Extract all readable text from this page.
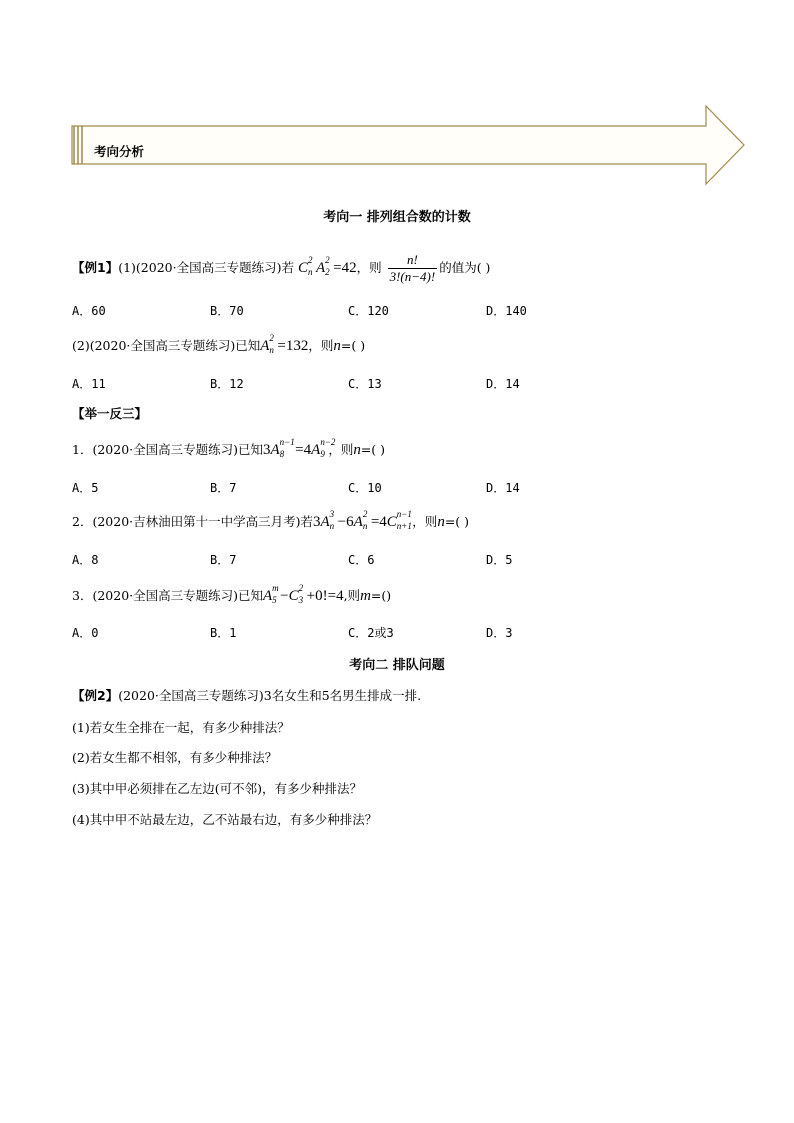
考向分析
考向一 排列组合数的计数
【例1】(1)(2020·全国高三专题练习)若 C 2
n A 2
2 =42，则 $\frac{n!}{3!(n-4)!}$ 的值为( )
A．60	B．70	C．120	D．140
(2)(2020·全国高三专题练习)已知A 2
n =132，则n=( )
A．11	B．12	C．13	D．14
【举一反三】
1．(2020·全国高三专题练习)已知3A n−1
8 =4A n−2
9 ，则n=( )
A．5	B．7	C．10	D．14
2．(2020·吉林油田第十一中学高三月考)若3A 3
n −6A 2
n =4C n−1
n+1 ，则n=( )
A．8	B．7	C．6	D．5
3．(2020·全国高三专题练习)已知A m
5 −C 2
3 +0!=4,则m=()
A．0	B．1	C．2或3	D．3
考向二 排队问题
【例2】(2020·全国高三专题练习)3名女生和5名男生排成一排.
(1)若女生全排在一起，有多少种排法？
(2)若女生都不相邻，有多少种排法？
(3)其中甲必须排在乙左边(可不邻)，有多少种排法？
(4)其中甲不站最左边，乙不站最右边，有多少种排法？
